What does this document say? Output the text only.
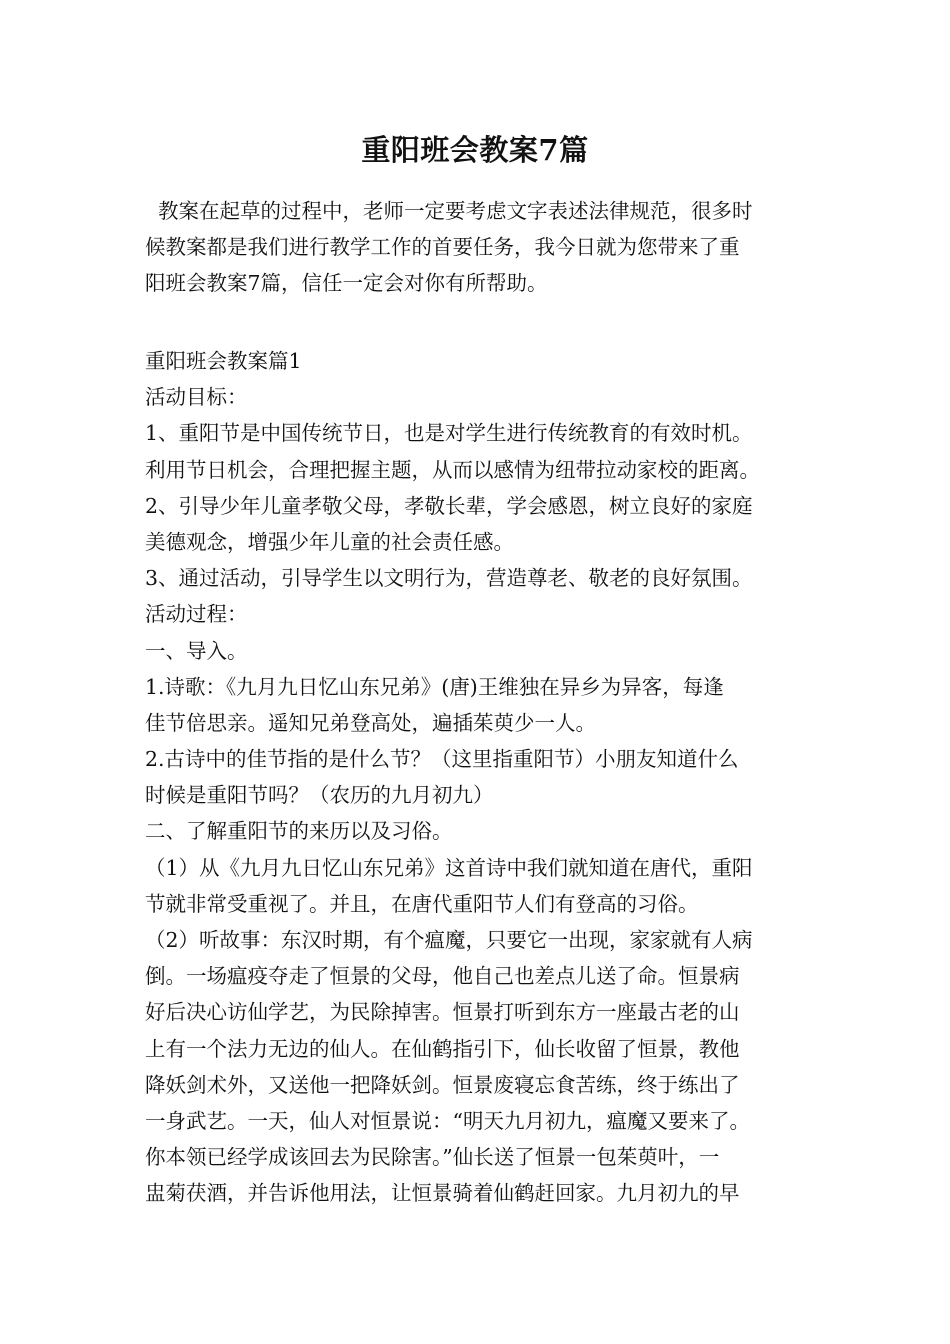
重阳班会教案7篇
教案在起草的过程中，老师一定要考虑文字表述法律规范，很多时
候教案都是我们进行教学工作的首要任务，我今日就为您带来了重
阳班会教案7篇，信任一定会对你有所帮助。
重阳班会教案篇1
活动目标：
1、重阳节是中国传统节日，也是对学生进行传统教育的有效时机。
利用节日机会，合理把握主题，从而以感情为纽带拉动家校的距离。
2、引导少年儿童孝敬父母，孝敬长辈，学会感恩，树立良好的家庭
美德观念，增强少年儿童的社会责任感。
3、通过活动，引导学生以文明行为，营造尊老、敬老的良好氛围。
活动过程：
一、导入。
1.诗歌：《九月九日忆山东兄弟》(唐)王维独在异乡为异客，每逢
佳节倍思亲。遥知兄弟登高处，遍插茱萸少一人。
2.古诗中的佳节指的是什么节？（这里指重阳节）小朋友知道什么
时候是重阳节吗？（农历的九月初九）
二、了解重阳节的来历以及习俗。
（1）从《九月九日忆山东兄弟》这首诗中我们就知道在唐代，重阳
节就非常受重视了。并且，在唐代重阳节人们有登高的习俗。
（2）听故事：东汉时期，有个瘟魔，只要它一出现，家家就有人病
倒。一场瘟疫夺走了恒景的父母，他自己也差点儿送了命。恒景病
好后决心访仙学艺，为民除掉害。恒景打听到东方一座最古老的山
上有一个法力无边的仙人。在仙鹤指引下，仙长收留了恒景，教他
降妖剑术外，又送他一把降妖剑。恒景废寝忘食苦练，终于练出了
一身武艺。一天，仙人对恒景说：“明天九月初九，瘟魔又要来了。
你本领已经学成该回去为民除害。”仙长送了恒景一包茱萸叶，一
盅菊茯酒，并告诉他用法，让恒景骑着仙鹤赶回家。九月初九的早
